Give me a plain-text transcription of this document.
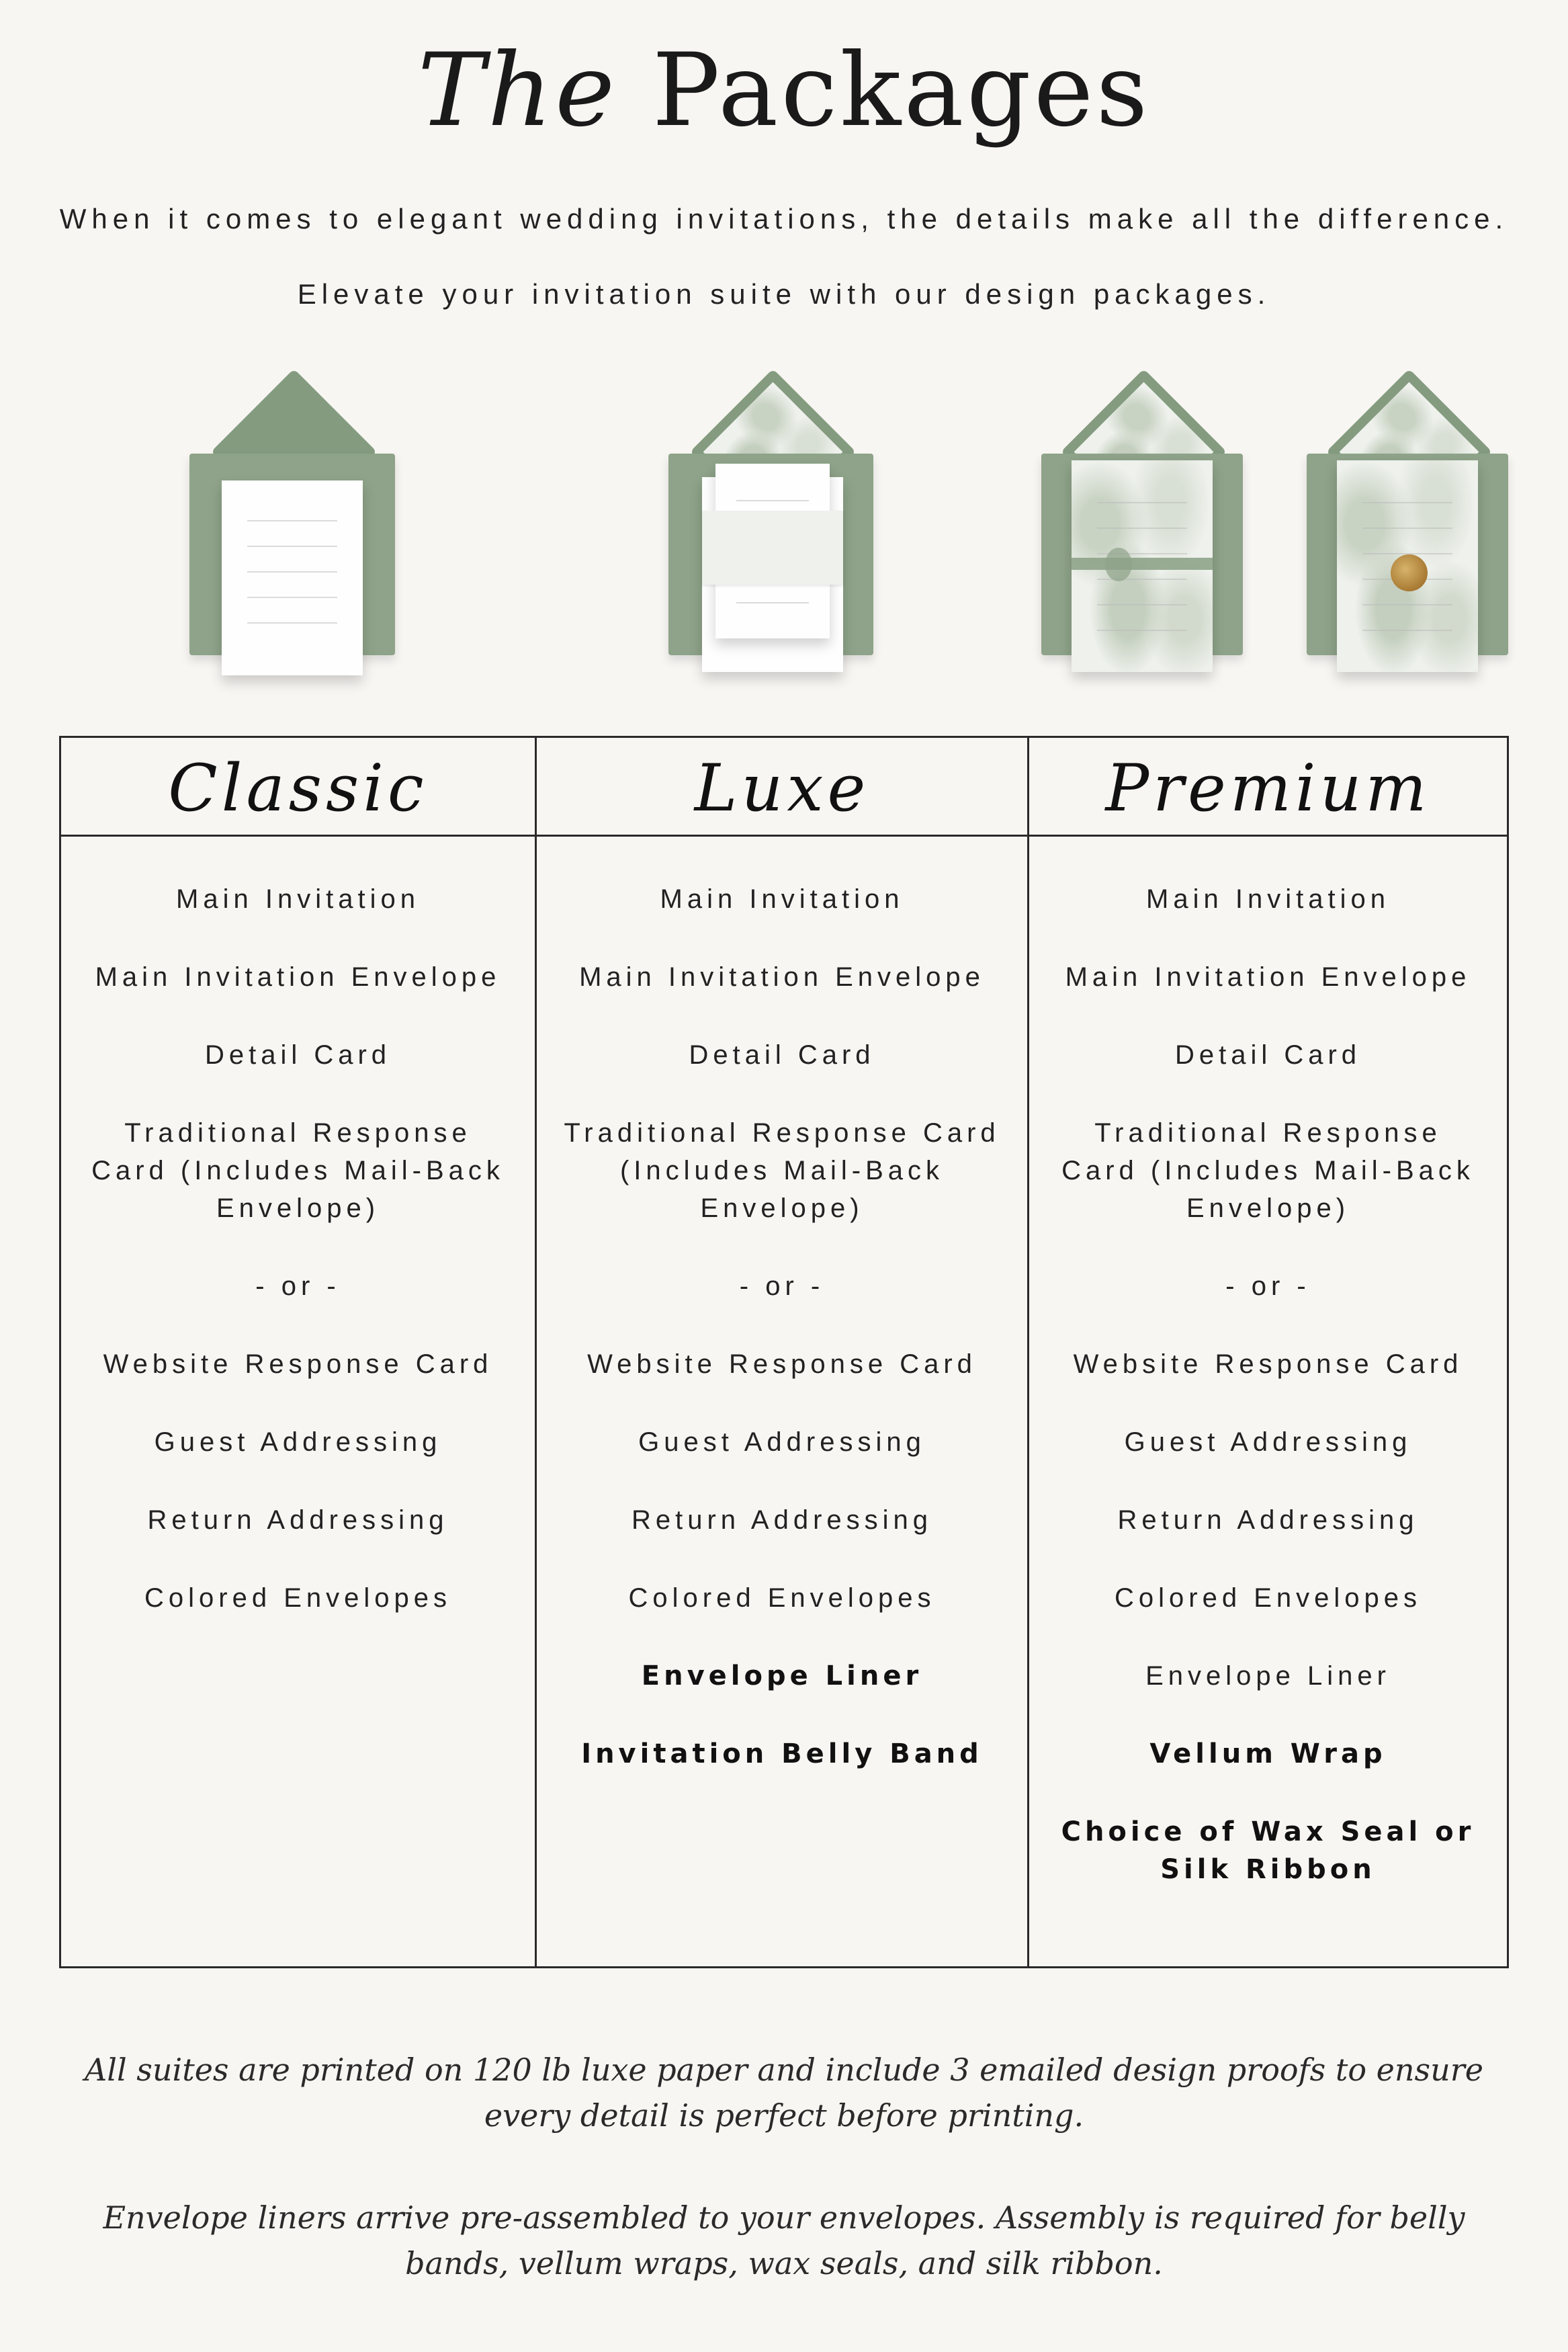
The Packages
When it comes to elegant wedding invitations, the details make all the difference.
Elevate your invitation suite with our design packages.
Classic
Main Invitation
Main Invitation Envelope
Detail Card
Traditional Response Card (Includes Mail-Back Envelope)
- or -
Website Response Card
Guest Addressing
Return Addressing
Colored Envelopes
Luxe
Main Invitation
Main Invitation Envelope
Detail Card
Traditional Response Card (Includes Mail-Back Envelope)
- or -
Website Response Card
Guest Addressing
Return Addressing
Colored Envelopes
Envelope Liner
Invitation Belly Band
Premium
Main Invitation
Main Invitation Envelope
Detail Card
Traditional Response Card (Includes Mail-Back Envelope)
- or -
Website Response Card
Guest Addressing
Return Addressing
Colored Envelopes
Envelope Liner
Vellum Wrap
Choice of Wax Seal or Silk Ribbon
All suites are printed on 120 lb luxe paper and include 3 emailed design proofs to ensure every detail is perfect before printing.
Envelope liners arrive pre-assembled to your envelopes. Assembly is required for belly bands, vellum wraps, wax seals, and silk ribbon.
